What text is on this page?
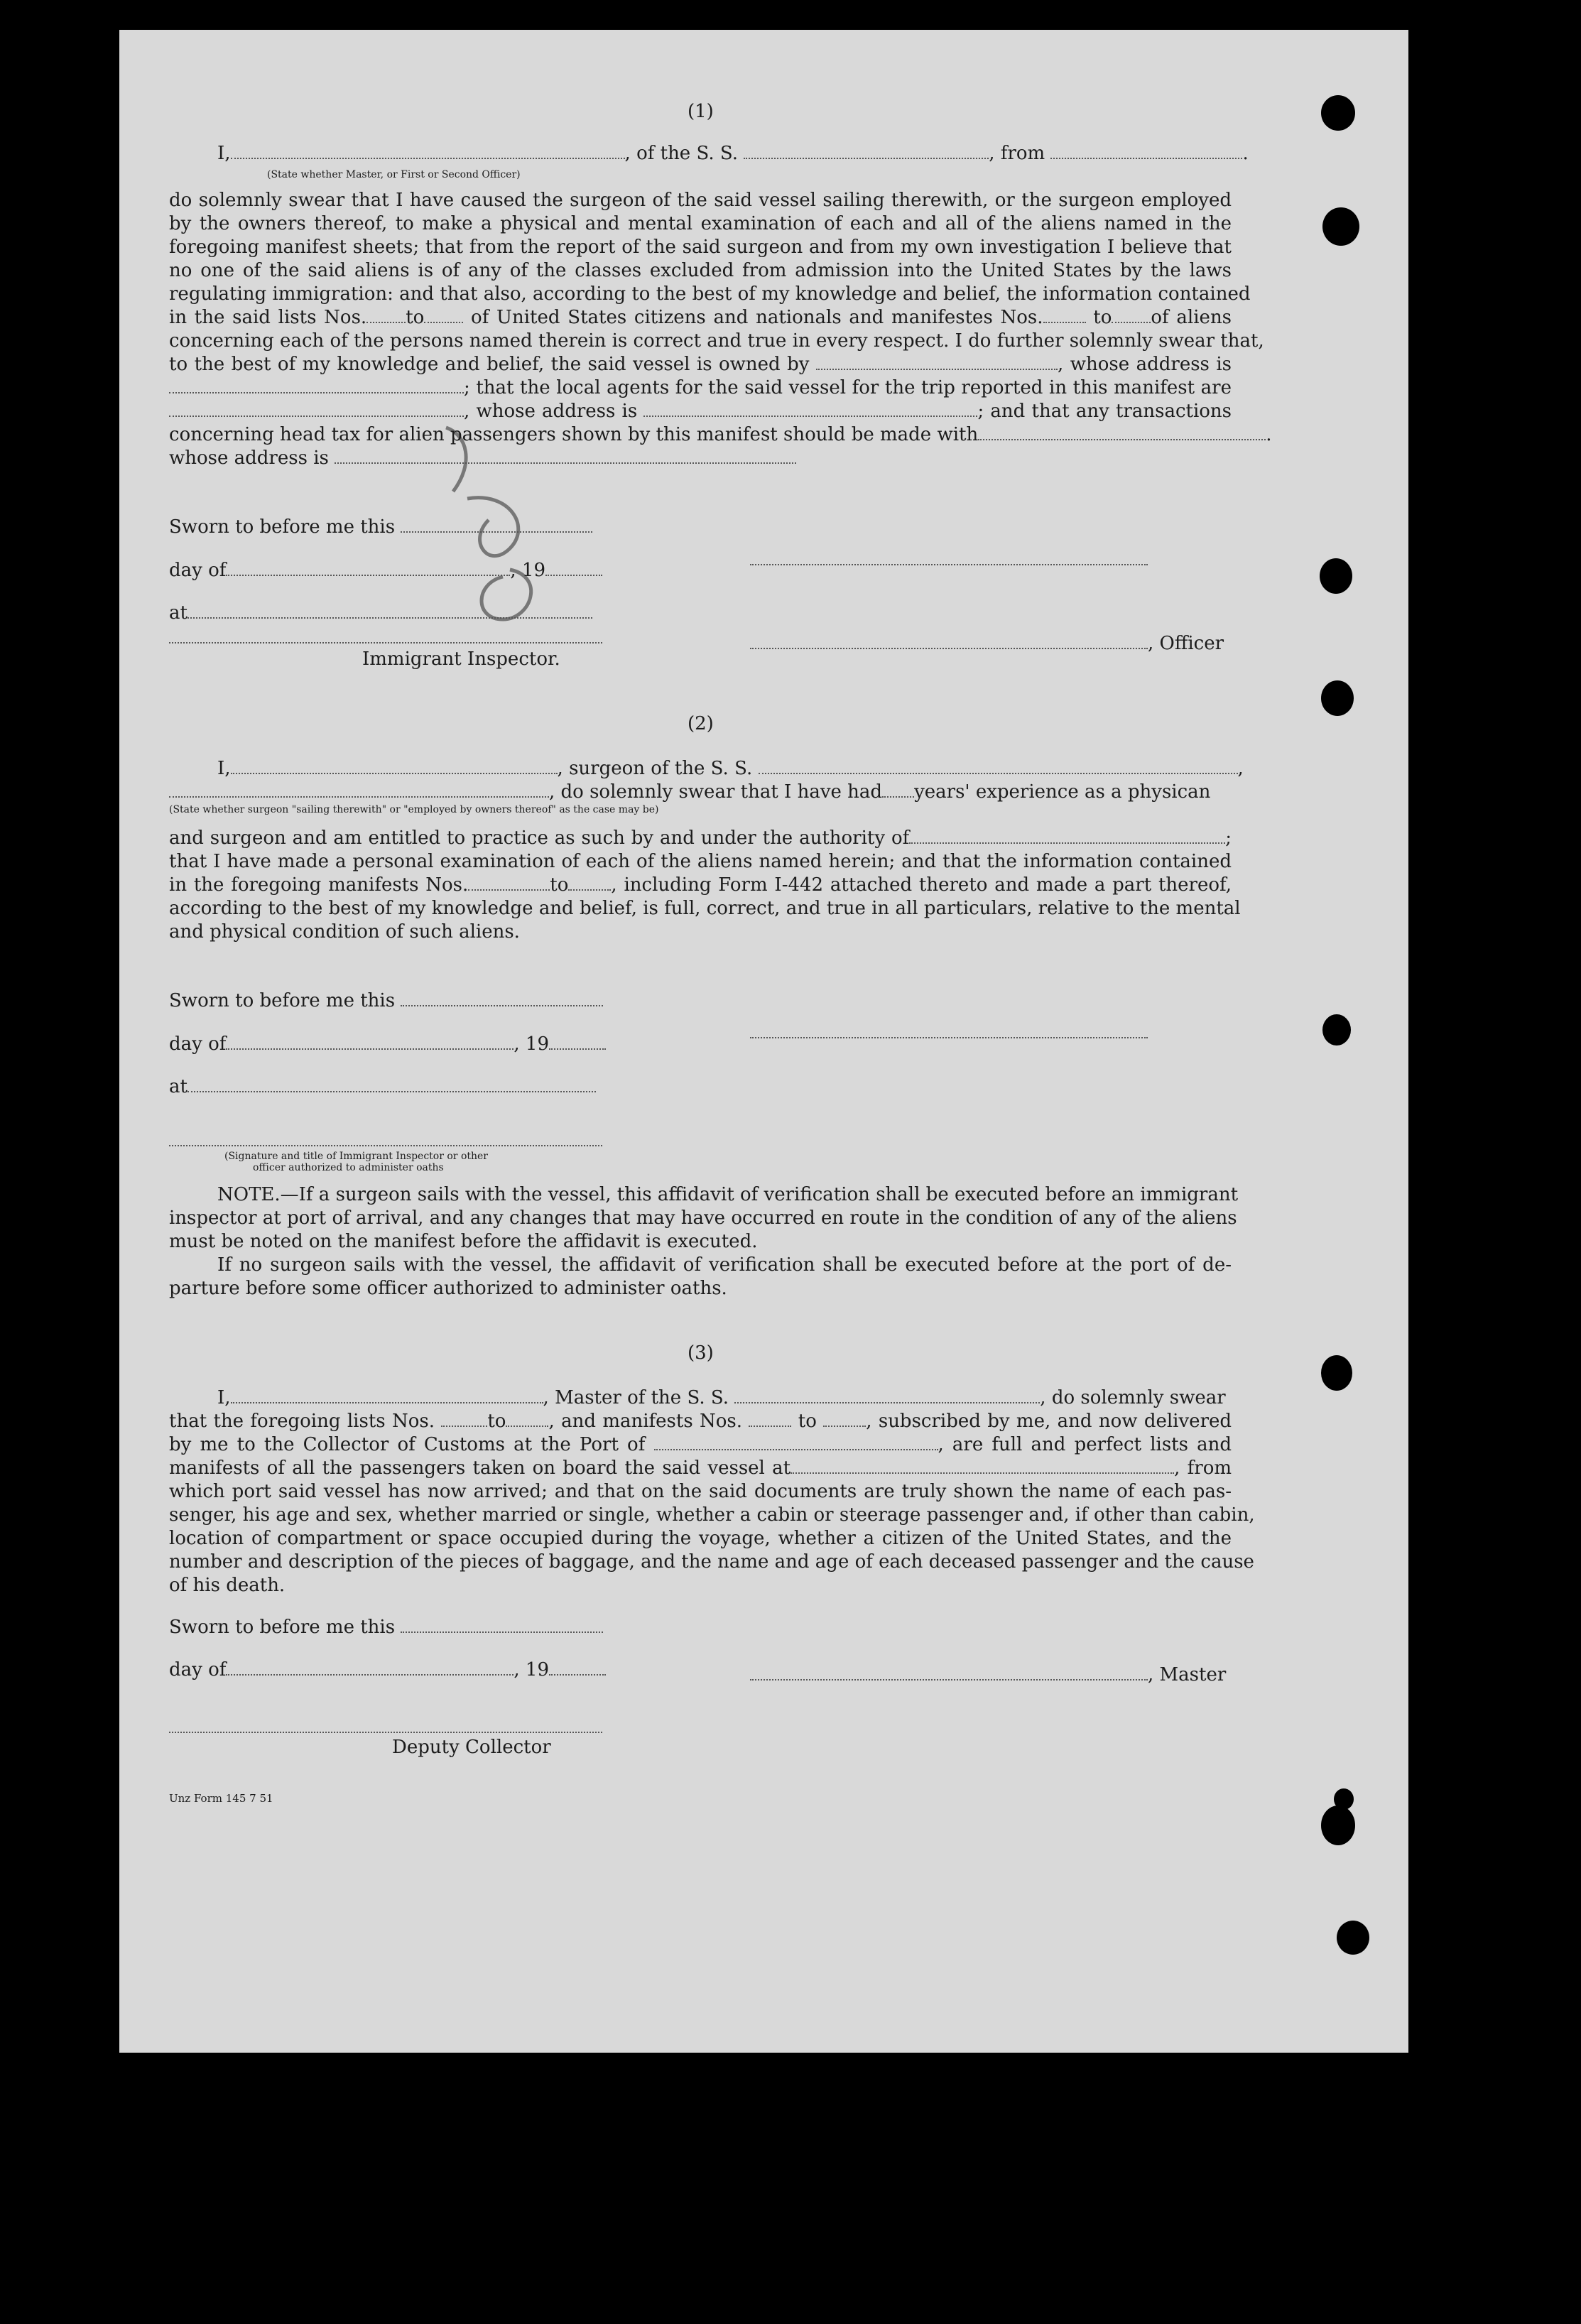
(1)
I,	, of the S. S.	, from	.
(State whether Master, or First or Second Officer)
do solemnly swear that I have caused the surgeon of the said vessel sailing therewith, or the surgeon employed
by the owners thereof, to make a physical and mental examination of each and all of the aliens named in the
foregoing manifest sheets; that from the report of the said surgeon and from my own investigation I believe that
no one of the said aliens is of any of the classes excluded from admission into the United States by the laws
regulating immigration: and that also, according to the best of my knowledge and belief, the information contained
in the said lists Nos. to	of United States citizens and nationals and manifestes Nos.	to of aliens
concerning each of the persons named therein is correct and true in every respect. I do further solemnly swear that,
to the best of my knowledge and belief, the said vessel is owned by	, whose address is
; that the local agents for the said vessel for the trip reported in this manifest are
, whose address is	; and that any transactions
concerning head tax for alien passengers shown by this manifest should be made with	.
whose address is
Sworn to before me this
day of	, 19
at
Immigrant Inspector.
, Officer
(2)
I,	, surgeon of the S. S.	,
, do solemnly swear that I have had years' experience as a physican
(State whether surgeon "sailing therewith" or "employed by owners thereof" as the case may be)
and surgeon and am entitled to practice as such by and under the authority of	;
that I have made a personal examination of each of the aliens named herein; and that the information contained
in the foregoing manifests Nos.	to , including Form I-442 attached thereto and made a part thereof,
according to the best of my knowledge and belief, is full, correct, and true in all particulars, relative to the mental
and physical condition of such aliens.
Sworn to before me this
day of	, 19
at
(Signature and title of Immigrant Inspector or other
officer authorized to administer oaths
NOTE.—If a surgeon sails with the vessel, this affidavit of verification shall be executed before an immigrant
inspector at port of arrival, and any changes that may have occurred en route in the condition of any of the aliens
must be noted on the manifest before the affidavit is executed.
If no surgeon sails with the vessel, the affidavit of verification shall be executed before at the port of de-
parture before some officer authorized to administer oaths.
(3)
I,	, Master of the S. S.	, do solemnly swear
that the foregoing lists Nos.	to , and manifests Nos.	to	, subscribed by me, and now delivered
by me to the Collector of Customs at the Port of	, are full and perfect lists and
manifests of all the passengers taken on board the said vessel at	, from
which port said vessel has now arrived; and that on the said documents are truly shown the name of each pas-
senger, his age and sex, whether married or single, whether a cabin or steerage passenger and, if other than cabin,
location of compartment or space occupied during the voyage, whether a citizen of the United States, and the
number and description of the pieces of baggage, and the name and age of each deceased passenger and the cause
of his death.
Sworn to before me this
day of	, 19	, Master
Deputy Collector
Unz Form 145 7 51
